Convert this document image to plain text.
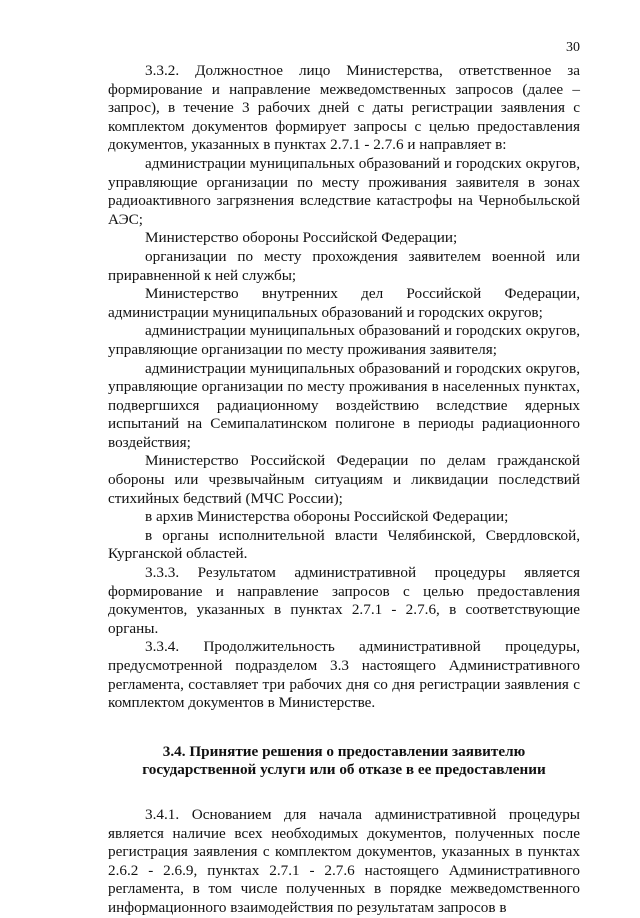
30

3.3.2. Должностное лицо Министерства, ответственное за формирование и направление межведомственных запросов (далее – запрос), в течение 3 рабочих дней с даты регистрации заявления с комплектом документов формирует запросы с целью предоставления документов, указанных в пунктах 2.7.1 - 2.7.6 и направляет в:

администрации муниципальных образований и городских округов, управляющие организации по месту проживания заявителя в зонах радиоактивного загрязнения вследствие катастрофы на Чернобыльской АЭС;

Министерство обороны Российской Федерации;

организации по месту прохождения заявителем военной или приравненной к ней службы;

Министерство внутренних дел Российской Федерации, администрации муниципальных образований и городских округов;

администрации муниципальных образований и городских округов, управляющие организации по месту проживания заявителя;

администрации муниципальных образований и городских округов, управляющие организации по месту проживания в населенных пунктах, подвергшихся радиационному воздействию вследствие ядерных испытаний на Семипалатинском полигоне в периоды радиационного воздействия;

Министерство Российской Федерации по делам гражданской обороны или чрезвычайным ситуациям и ликвидации последствий стихийных бедствий (МЧС России);

в архив Министерства обороны Российской Федерации;

в органы исполнительной власти Челябинской, Свердловской, Курганской областей.

3.3.3. Результатом административной процедуры является формирование и направление запросов с целью предоставления документов, указанных в пунктах 2.7.1 - 2.7.6, в соответствующие органы.

3.3.4. Продолжительность административной процедуры, предусмотренной подразделом 3.3 настоящего Административного регламента, составляет три рабочих дня со дня регистрации заявления с комплектом документов в Министерстве.

3.4. Принятие решения о предоставлении заявителю
государственной услуги или об отказе в ее предоставлении

3.4.1. Основанием для начала административной процедуры является наличие всех необходимых документов, полученных после регистрация заявления с комплектом документов, указанных в пунктах 2.6.2 - 2.6.9, пунктах 2.7.1 - 2.7.6 настоящего Административного регламента, в том числе полученных в порядке межведомственного информационного взаимодействия по результатам запросов в
